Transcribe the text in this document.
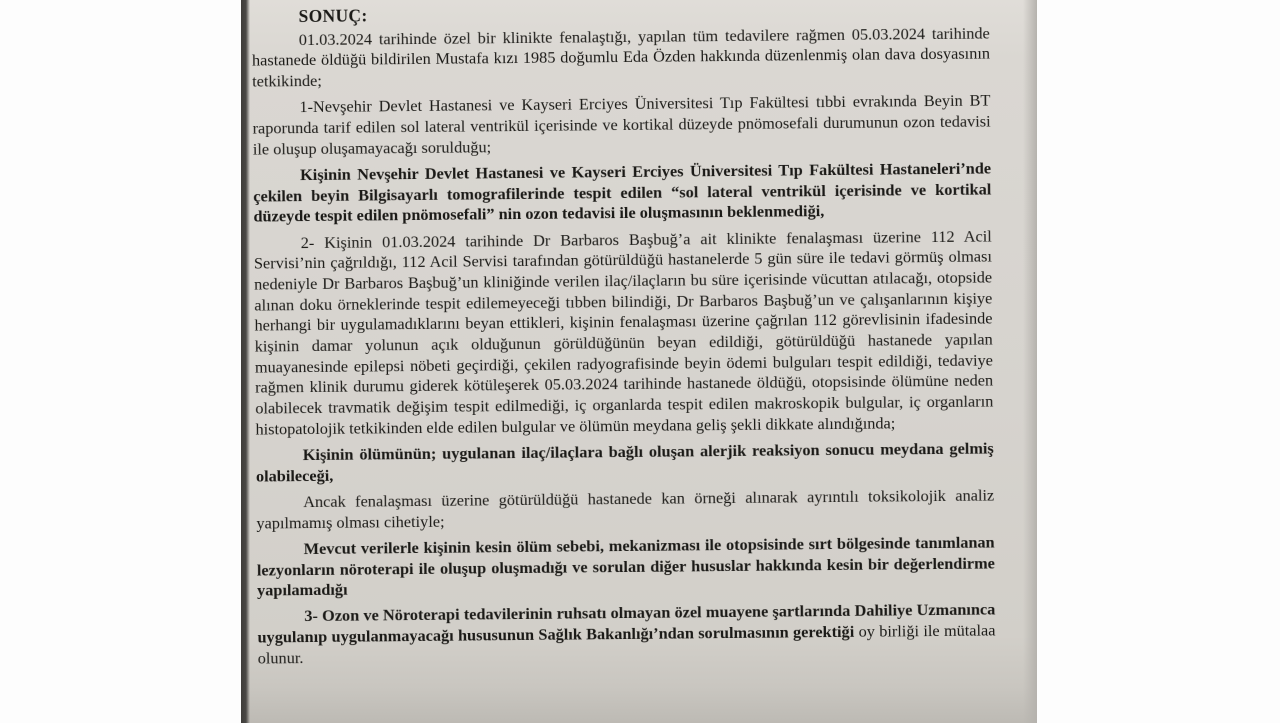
SONUÇ:

01.03.2024 tarihinde özel bir klinikte fenalaştığı, yapılan tüm tedavilere rağmen 05.03.2024 tarihinde hastanede öldüğü bildirilen Mustafa kızı 1985 doğumlu Eda Özden hakkında düzenlenmiş olan dava dosyasının tetkikinde;

1-Nevşehir Devlet Hastanesi ve Kayseri Erciyes Üniversitesi Tıp Fakültesi tıbbi evrakında Beyin BT raporunda tarif edilen sol lateral ventrikül içerisinde ve kortikal düzeyde pnömosefali durumunun ozon tedavisi ile oluşup oluşamayacağı sorulduğu;

Kişinin Nevşehir Devlet Hastanesi ve Kayseri Erciyes Üniversitesi Tıp Fakültesi Hastaneleri’nde çekilen beyin Bilgisayarlı tomografilerinde tespit edilen “sol lateral ventrikül içerisinde ve kortikal düzeyde tespit edilen pnömosefali” nin ozon tedavisi ile oluşmasının beklenmediği,

2- Kişinin 01.03.2024 tarihinde Dr Barbaros Başbuğ’a ait klinikte fenalaşması üzerine 112 Acil Servisi’nin çağrıldığı, 112 Acil Servisi tarafından götürüldüğü hastanelerde 5 gün süre ile tedavi görmüş olması nedeniyle Dr Barbaros Başbuğ’un kliniğinde verilen ilaç/ilaçların bu süre içerisinde vücuttan atılacağı, otopside alınan doku örneklerinde tespit edilemeyeceği tıbben bilindiği, Dr Barbaros Başbuğ’un ve çalışanlarının kişiye herhangi bir uygulamadıklarını beyan ettikleri, kişinin fenalaşması üzerine çağrılan 112 görevlisinin ifadesinde kişinin damar yolunun açık olduğunun görüldüğünün beyan edildiği, götürüldüğü hastanede yapılan muayanesinde epilepsi nöbeti geçirdiği, çekilen radyografisinde beyin ödemi bulguları tespit edildiği, tedaviye rağmen klinik durumu giderek kötüleşerek 05.03.2024 tarihinde hastanede öldüğü, otopsisinde ölümüne neden olabilecek travmatik değişim tespit edilmediği, iç organlarda tespit edilen makroskopik bulgular, iç organların histopatolojik tetkikinden elde edilen bulgular ve ölümün meydana geliş şekli dikkate alındığında;

Kişinin ölümünün; uygulanan ilaç/ilaçlara bağlı oluşan alerjik reaksiyon sonucu meydana gelmiş olabileceği,

Ancak fenalaşması üzerine götürüldüğü hastanede kan örneği alınarak ayrıntılı toksikolojik analiz yapılmamış olması cihetiyle;

Mevcut verilerle kişinin kesin ölüm sebebi, mekanizması ile otopsisinde sırt bölgesinde tanımlanan lezyonların nöroterapi ile oluşup oluşmadığı ve sorulan diğer hususlar hakkında kesin bir değerlendirme yapılamadığı

3- Ozon ve Nöroterapi tedavilerinin ruhsatı olmayan özel muayene şartlarında Dahiliye Uzmanınca uygulanıp uygulanmayacağı hususunun Sağlık Bakanlığı’ndan sorulmasının gerektiği oy birliği ile mütalaa olunur.
